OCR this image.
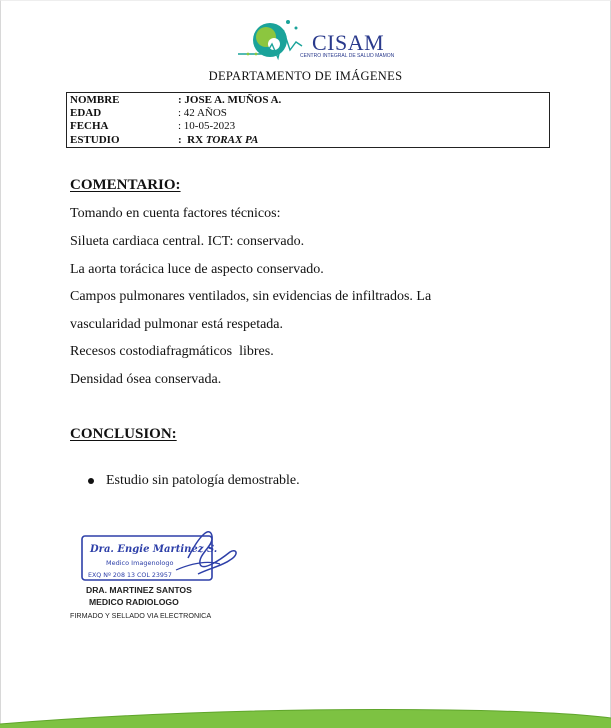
CISAM
CENTRO INTEGRAL DE SALUD MAMON
DEPARTAMENTO DE IMÁGENES
NOMBRE	: JOSE A. MUÑOS A.
EDAD	: 42 AÑOS
FECHA	: 10-05-2023
ESTUDIO	:  RX TORAX PA
COMENTARIO:
Tomando en cuenta factores técnicos:
Silueta cardiaca central. ICT: conservado.
La aorta torácica luce de aspecto conservado.
Campos pulmonares ventilados, sin evidencias de infiltrados. La
vascularidad pulmonar está respetada.
Recesos costodiafragmáticos  libres.
Densidad ósea conservada.
CONCLUSION:
Estudio sin patología demostrable.
Dra. Engie Martinez S.
Medico Imagenologo
EXQ Nº 208 13 COL 23957
DRA. MARTINEZ SANTOS
MEDICO RADIOLOGO
FIRMADO Y SELLADO VIA ELECTRONICA
